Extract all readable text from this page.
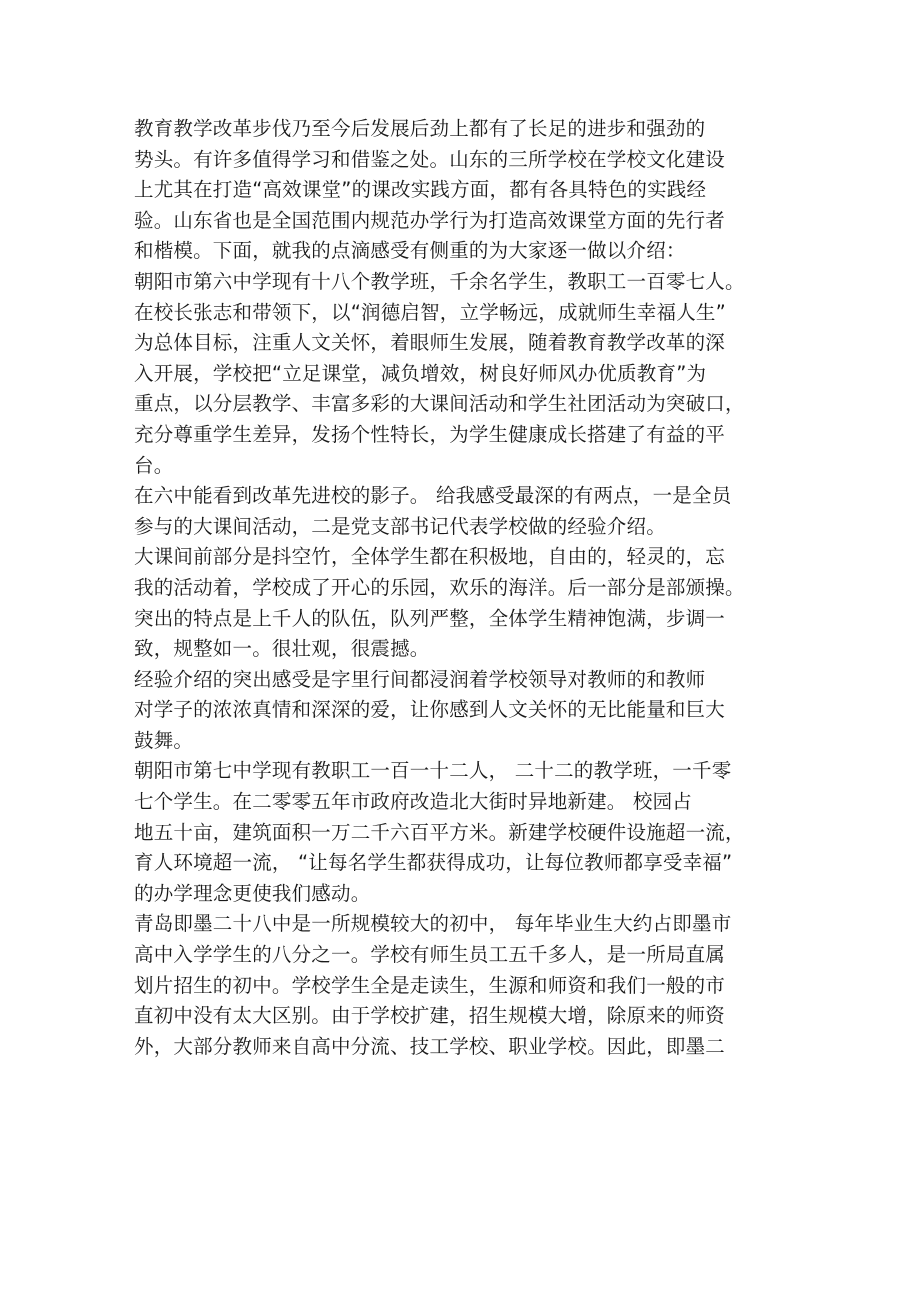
教育教学改革步伐乃至今后发展后劲上都有了长足的进步和强劲的
势头。有许多值得学习和借鉴之处。山东的三所学校在学校文化建设
上尤其在打造“高效课堂”的课改实践方面，都有各具特色的实践经
验。山东省也是全国范围内规范办学行为打造高效课堂方面的先行者
和楷模。下面，就我的点滴感受有侧重的为大家逐一做以介绍：
朝阳市第六中学现有十八个教学班，千余名学生，教职工一百零七人。
在校长张志和带领下，以“润德启智，立学畅远，成就师生幸福人生”
为总体目标，注重人文关怀，着眼师生发展，随着教育教学改革的深
入开展，学校把“立足课堂，减负增效，树良好师风办优质教育”为
重点，以分层教学、丰富多彩的大课间活动和学生社团活动为突破口，
充分尊重学生差异，发扬个性特长，为学生健康成长搭建了有益的平
台。
在六中能看到改革先进校的影子。 给我感受最深的有两点，一是全员
参与的大课间活动，二是党支部书记代表学校做的经验介绍。
大课间前部分是抖空竹，全体学生都在积极地，自由的，轻灵的，忘
我的活动着，学校成了开心的乐园，欢乐的海洋。后一部分是部颁操。
突出的特点是上千人的队伍，队列严整，全体学生精神饱满，步调一
致，规整如一。很壮观，很震撼。
经验介绍的突出感受是字里行间都浸润着学校领导对教师的和教师
对学子的浓浓真情和深深的爱，让你感到人文关怀的无比能量和巨大
鼓舞。
朝阳市第七中学现有教职工一百一十二人， 二十二的教学班，一千零
七个学生。在二零零五年市政府改造北大街时异地新建。 校园占
地五十亩，建筑面积一万二千六百平方米。新建学校硬件设施超一流，
育人环境超一流， “让每名学生都获得成功，让每位教师都享受幸福”
的办学理念更使我们感动。
青岛即墨二十八中是一所规模较大的初中， 每年毕业生大约占即墨市
高中入学学生的八分之一。学校有师生员工五千多人，是一所局直属
划片招生的初中。学校学生全是走读生，生源和师资和我们一般的市
直初中没有太大区别。由于学校扩建，招生规模大增，除原来的师资
外，大部分教师来自高中分流、技工学校、职业学校。因此，即墨二
